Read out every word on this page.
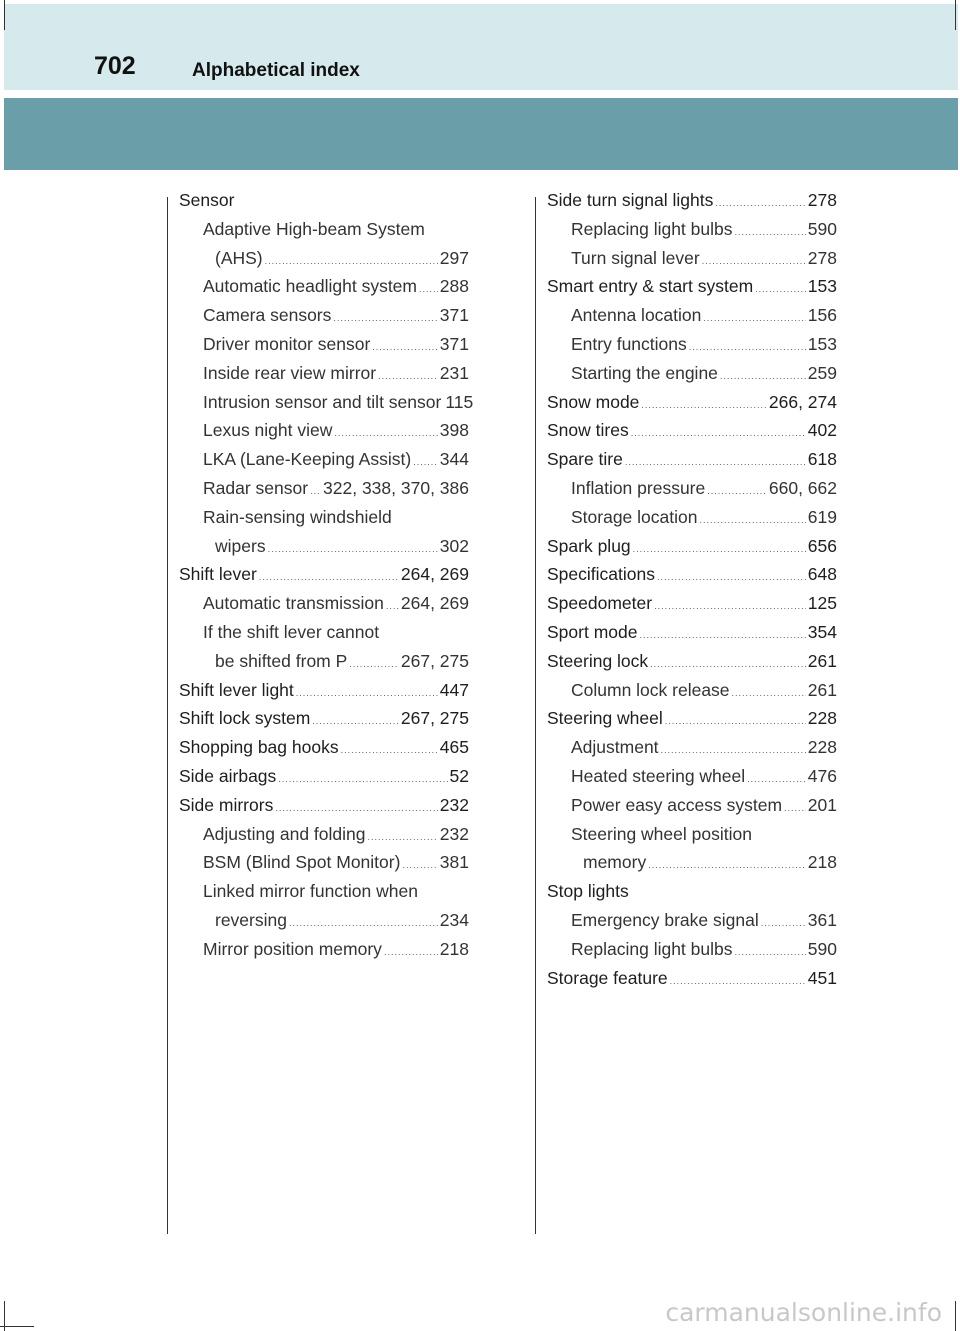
702	Alphabetical index
Sensor
Adaptive High-beam System
(AHS) .....	297
Automatic headlight system ..... 288
Camera sensors .....	371
Driver monitor sensor .....	371
Inside rear view mirror .....	231
Intrusion sensor and tilt sensor 115
Lexus night view .....	398
LKA (Lane-Keeping Assist) ..... 344
Radar sensor ..... 322, 338, 370, 386
Rain-sensing windshield
wipers .....	302
Shift lever .....	264, 269
Automatic transmission ..... 264, 269
If the shift lever cannot
be shifted from P .....	267, 275
Shift lever light .....	447
Shift lock system .....	267, 275
Shopping bag hooks .....	465
Side airbags .....	52
Side mirrors .....	232
Adjusting and folding .....	232
BSM (Blind Spot Monitor) ..... 381
Linked mirror function when
reversing .....	234
Mirror position memory .....	218
Side turn signal lights .....	278
Replacing light bulbs .....	590
Turn signal lever .....	278
Smart entry & start system .....	153
Antenna location .....	156
Entry functions .....	153
Starting the engine .....	259
Snow mode .....	266, 274
Snow tires .....	402
Spare tire .....	618
Inflation pressure .....	660, 662
Storage location .....	619
Spark plug .....	656
Specifications .....	648
Speedometer .....	125
Sport mode .....	354
Steering lock .....	261
Column lock release .....	261
Steering wheel .....	228
Adjustment .....	228
Heated steering wheel .....	476
Power easy access system ..... 201
Steering wheel position
memory .....	218
Stop lights
Emergency brake signal .....	361
Replacing light bulbs .....	590
Storage feature .....	451
carmanualsonline.info
